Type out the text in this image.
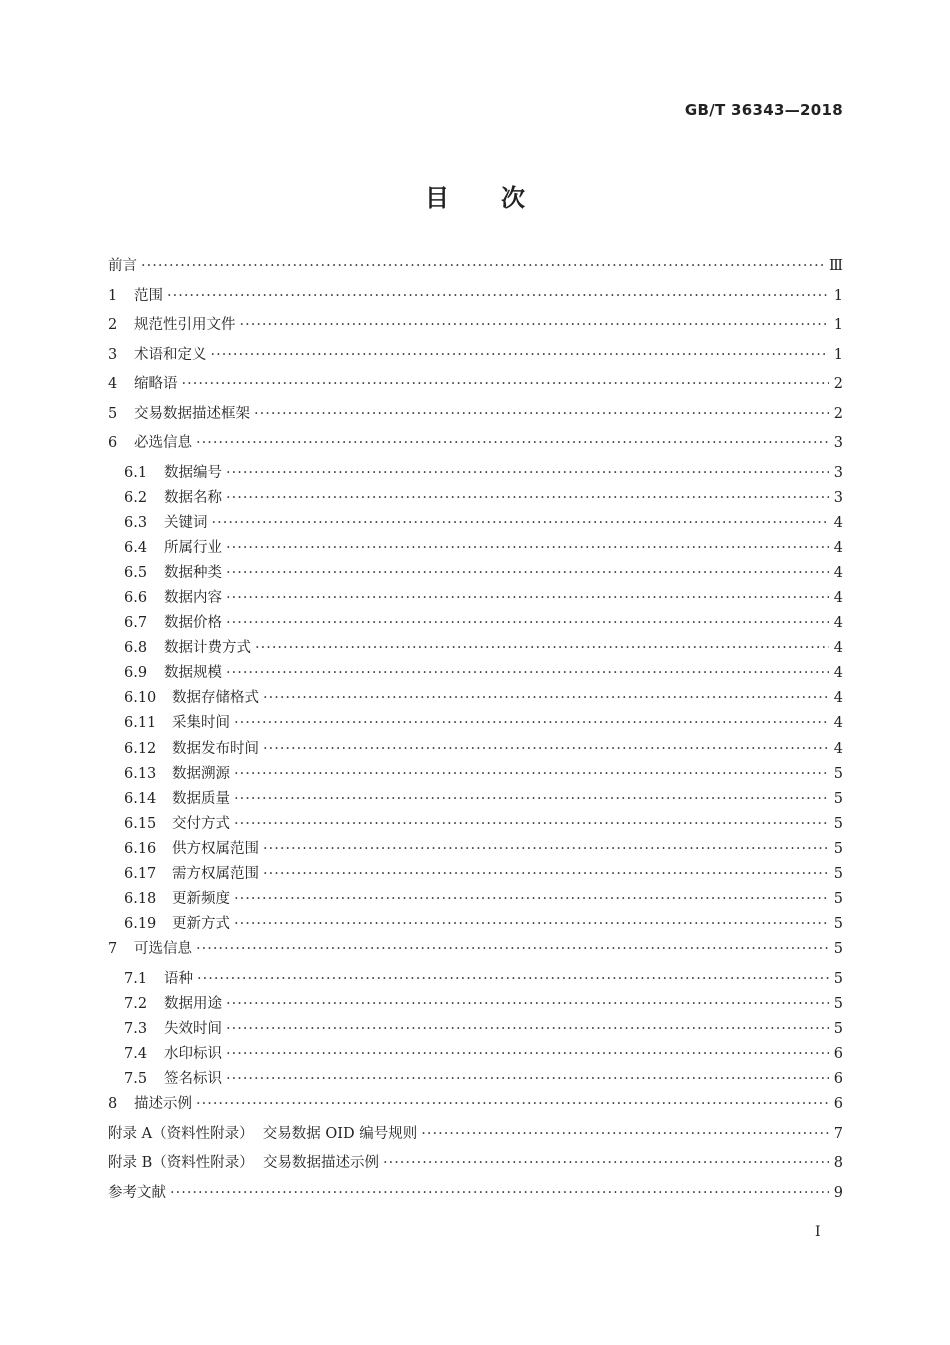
GB/T 36343—2018
目 次
前言 ·····	Ⅲ
1 范围 ·····	1
2 规范性引用文件 ·····	1
3 术语和定义 ·····	1
4 缩略语 ·····	2
5 交易数据描述框架 ·····	2
6 必选信息 ·····	3
6.1 数据编号 ·····	3
6.2 数据名称 ·····	3
6.3 关键词 ·····	4
6.4 所属行业 ·····	4
6.5 数据种类 ·····	4
6.6 数据内容 ·····	4
6.7 数据价格 ·····	4
6.8 数据计费方式 ·····	4
6.9 数据规模 ·····	4
6.10 数据存储格式 ·····	4
6.11 采集时间 ·····	4
6.12 数据发布时间 ·····	4
6.13 数据溯源 ·····	5
6.14 数据质量 ·····	5
6.15 交付方式 ·····	5
6.16 供方权属范围 ·····	5
6.17 需方权属范围 ·····	5
6.18 更新频度 ·····	5
6.19 更新方式 ·····	5
7 可选信息 ·····	5
7.1 语种 ·····	5
7.2 数据用途 ·····	5
7.3 失效时间 ·····	5
7.4 水印标识 ·····	6
7.5 签名标识 ·····	6
8 描述示例 ·····	6
附录 A（资料性附录）  交易数据 OID 编号规则 ·····	7
附录 B（资料性附录）  交易数据描述示例 ·····	8
参考文献 ·····	9
I
